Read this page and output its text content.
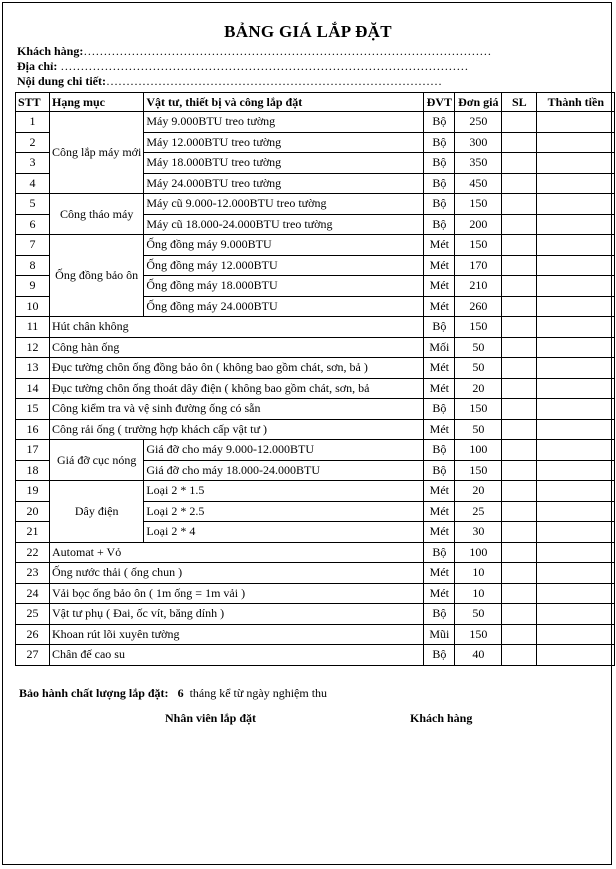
BẢNG GIÁ LẮP ĐẶT
Khách hàng:…………………………………………………………………………………………
Địa chỉ: …………………………………………………………………………………………
Nội dung chi tiết:…………………………………………………………………………
STT	Hạng mục	Vật tư, thiết bị và công lắp đặt	ĐVT	Đơn giá	SL	Thành tiền
1	Công lắp máy mới	Máy 9.000BTU treo tường	Bộ	250		
2		Máy 12.000BTU treo tường	Bộ	300		
3		Máy 18.000BTU treo tường	Bộ	350		
4		Máy 24.000BTU treo tường	Bộ	450		
5	Công tháo máy	Máy cũ 9.000-12.000BTU treo tường	Bộ	150		
6		Máy cũ 18.000-24.000BTU treo tường	Bộ	200		
7	Ống đồng bảo ôn	Ống đồng máy 9.000BTU	Mét	150		
8		Ống đồng máy 12.000BTU	Mét	170		
9		Ống đồng máy 18.000BTU	Mét	210		
10		Ống đồng máy 24.000BTU	Mét	260		
11	Hút chân không		Bộ	150		
12	Công hàn ống		Mối	50		
13	Đục tường chôn ống đồng bảo ôn ( không bao gồm chát, sơn, bả )		Mét	50		
14	Đục tường chôn ống thoát dây điện ( không bao gồm chát, sơn, bả		Mét	20		
15	Công kiểm tra và vệ sinh đường ống có sẵn		Bộ	150		
16	Công rải ống ( trường hợp khách cấp vật tư )		Mét	50		
17	Giá đỡ cục nóng	Giá đỡ cho máy 9.000-12.000BTU	Bộ	100		
18		Giá đỡ cho máy 18.000-24.000BTU	Bộ	150		
19	Dây điện	Loại 2 * 1.5	Mét	20		
20		Loại 2 * 2.5	Mét	25		
21		Loại 2 * 4	Mét	30		
22	Automat + Vỏ		Bộ	100		
23	Ống nước thải ( ống chun )		Mét	10		
24	Vải bọc ống bảo ôn ( 1m ống = 1m vải )		Mét	10		
25	Vật tư phụ ( Đai, ốc vít, băng dính )		Bộ	50		
26	Khoan rút lõi xuyên tường		Mũi	150		
27	Chân đế cao su		Bộ	40		
Bảo hành chất lượng lắp đặt: 6 tháng kể từ ngày nghiệm thu
Nhân viên lắp đặt	Khách hàng
